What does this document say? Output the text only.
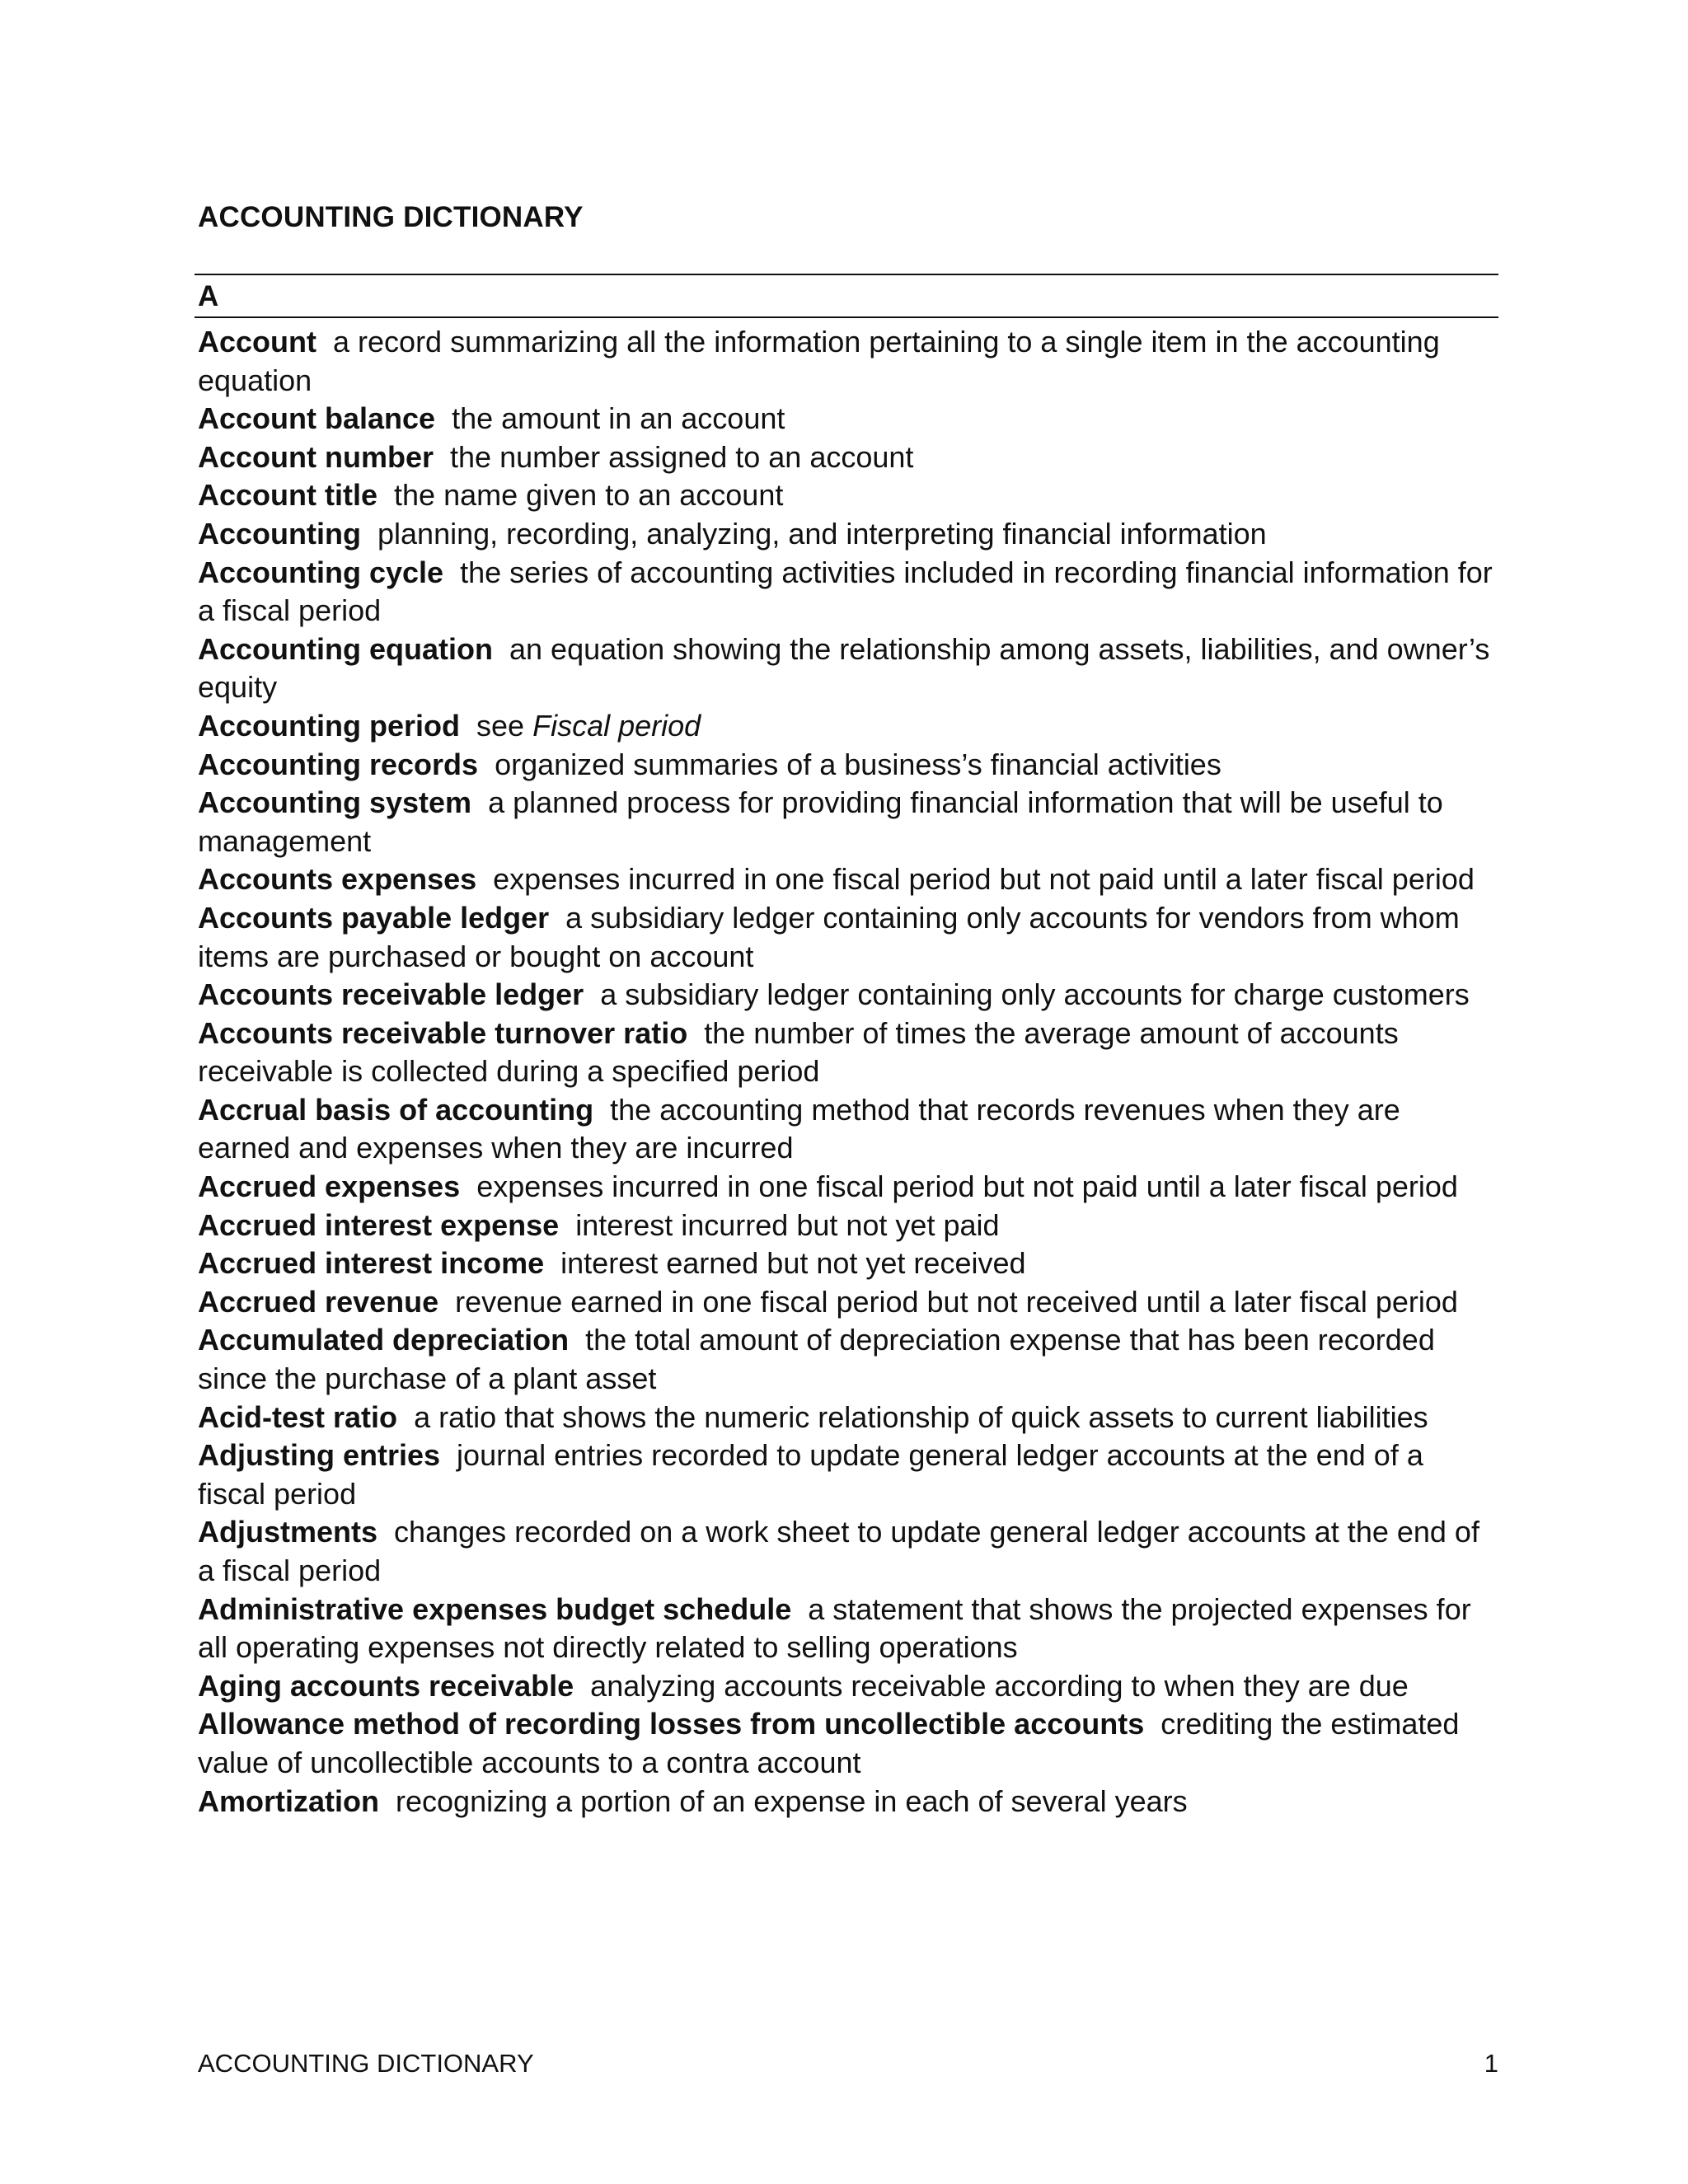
ACCOUNTING DICTIONARY
A
Account a record summarizing all the information pertaining to a single item in the accounting equation
Account balance the amount in an account
Account number the number assigned to an account
Account title the name given to an account
Accounting planning, recording, analyzing, and interpreting financial information
Accounting cycle the series of accounting activities included in recording financial information for a fiscal period
Accounting equation an equation showing the relationship among assets, liabilities, and owner’s equity
Accounting period see Fiscal period
Accounting records organized summaries of a business’s financial activities
Accounting system a planned process for providing financial information that will be useful to management
Accounts expenses expenses incurred in one fiscal period but not paid until a later fiscal period
Accounts payable ledger a subsidiary ledger containing only accounts for vendors from whom items are purchased or bought on account
Accounts receivable ledger a subsidiary ledger containing only accounts for charge customers
Accounts receivable turnover ratio the number of times the average amount of accounts receivable is collected during a specified period
Accrual basis of accounting the accounting method that records revenues when they are earned and expenses when they are incurred
Accrued expenses expenses incurred in one fiscal period but not paid until a later fiscal period
Accrued interest expense interest incurred but not yet paid
Accrued interest income interest earned but not yet received
Accrued revenue revenue earned in one fiscal period but not received until a later fiscal period
Accumulated depreciation the total amount of depreciation expense that has been recorded since the purchase of a plant asset
Acid-test ratio a ratio that shows the numeric relationship of quick assets to current liabilities
Adjusting entries journal entries recorded to update general ledger accounts at the end of a fiscal period
Adjustments changes recorded on a work sheet to update general ledger accounts at the end of a fiscal period
Administrative expenses budget schedule a statement that shows the projected expenses for all operating expenses not directly related to selling operations
Aging accounts receivable analyzing accounts receivable according to when they are due
Allowance method of recording losses from uncollectible accounts crediting the estimated value of uncollectible accounts to a contra account
Amortization recognizing a portion of an expense in each of several years
ACCOUNTING DICTIONARY	1
